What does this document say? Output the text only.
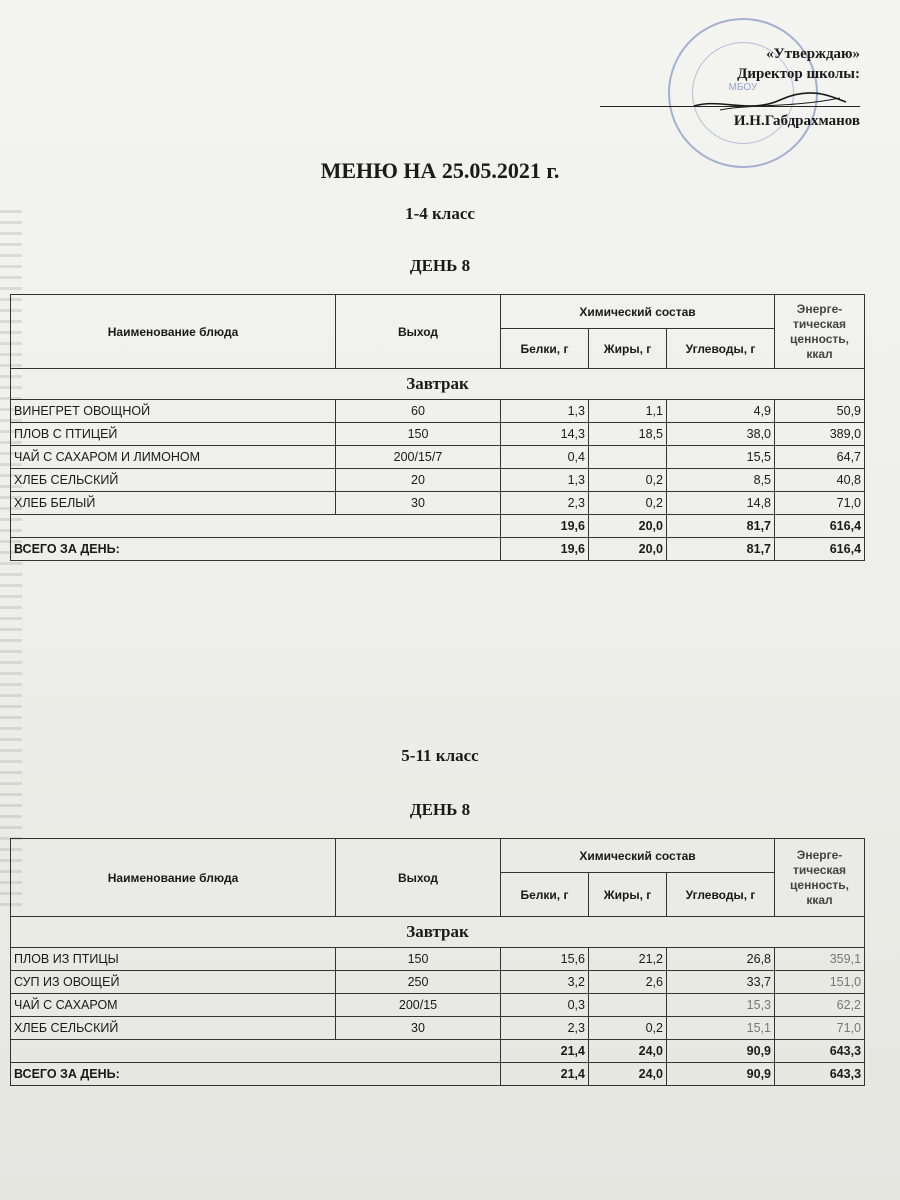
МБОУ
«Утверждаю»
Директор школы:
И.Н.Габдрахманов
МЕНЮ НА 25.05.2021 г.
1-4 класс
ДЕНЬ 8
Наименование блюда	Выход	Химический состав			Энерге-тическая ценность, ккал
		Белки, г	Жиры, г	Углеводы, г	
Завтрак					
ВИНЕГРЕТ ОВОЩНОЙ	60	1,3	1,1	4,9	50,9
ПЛОВ С ПТИЦЕЙ	150	14,3	18,5	38,0	389,0
ЧАЙ С САХАРОМ И ЛИМОНОМ	200/15/7	0,4		15,5	64,7
ХЛЕБ СЕЛЬСКИЙ	20	1,3	0,2	8,5	40,8
ХЛЕБ БЕЛЫЙ	30	2,3	0,2	14,8	71,0
		19,6	20,0	81,7	616,4
ВСЕГО ЗА ДЕНЬ:		19,6	20,0	81,7	616,4
5-11 класс
ДЕНЬ 8
Наименование блюда	Выход	Химический состав			Энерге-тическая ценность, ккал
		Белки, г	Жиры, г	Углеводы, г	
Завтрак					
ПЛОВ ИЗ ПТИЦЫ	150	15,6	21,2	26,8	359,1
СУП ИЗ ОВОЩЕЙ	250	3,2	2,6	33,7	151,0
ЧАЙ С САХАРОМ	200/15	0,3		15,3	62,2
ХЛЕБ СЕЛЬСКИЙ	30	2,3	0,2	15,1	71,0
		21,4	24,0	90,9	643,3
ВСЕГО ЗА ДЕНЬ:		21,4	24,0	90,9	643,3
